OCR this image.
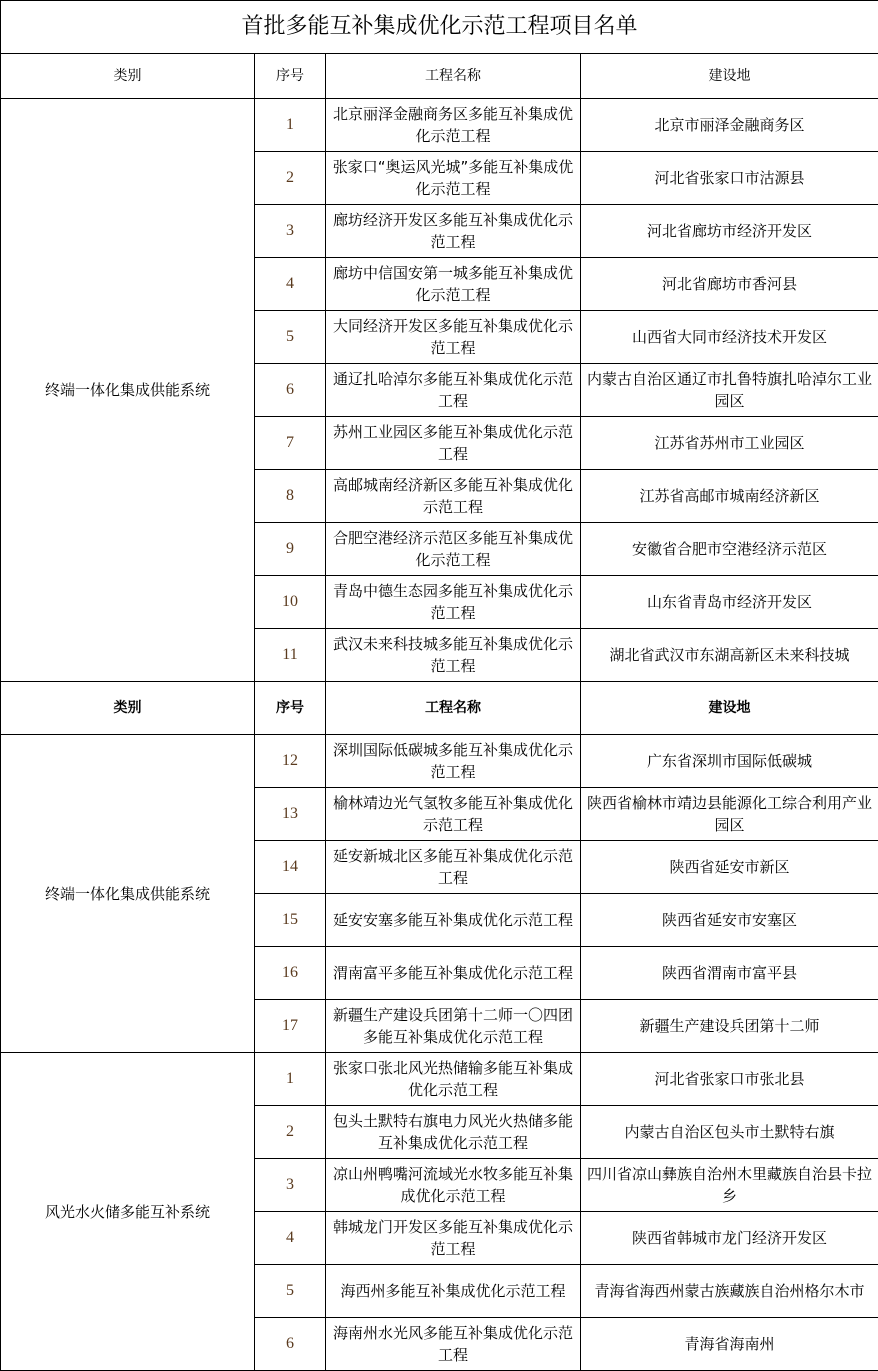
首批多能互补集成优化示范工程项目名单			
类别	序号	工程名称	建设地
终端一体化集成供能系统	1	北京丽泽金融商务区多能互补集成优化示范工程	北京市丽泽金融商务区
	2	张家口“奥运风光城”多能互补集成优化示范工程	河北省张家口市沽源县
	3	廊坊经济开发区多能互补集成优化示范工程	河北省廊坊市经济开发区
	4	廊坊中信国安第一城多能互补集成优化示范工程	河北省廊坊市香河县
	5	大同经济开发区多能互补集成优化示范工程	山西省大同市经济技术开发区
	6	通辽扎哈淖尔多能互补集成优化示范工程	内蒙古自治区通辽市扎鲁特旗扎哈淖尔工业园区
	7	苏州工业园区多能互补集成优化示范工程	江苏省苏州市工业园区
	8	高邮城南经济新区多能互补集成优化示范工程	江苏省高邮市城南经济新区
	9	合肥空港经济示范区多能互补集成优化示范工程	安徽省合肥市空港经济示范区
	10	青岛中德生态园多能互补集成优化示范工程	山东省青岛市经济开发区
	11	武汉未来科技城多能互补集成优化示范工程	湖北省武汉市东湖高新区未来科技城
类别	序号	工程名称	建设地
终端一体化集成供能系统	12	深圳国际低碳城多能互补集成优化示范工程	广东省深圳市国际低碳城
	13	榆林靖边光气氢牧多能互补集成优化示范工程	陕西省榆林市靖边县能源化工综合利用产业园区
	14	延安新城北区多能互补集成优化示范工程	陕西省延安市新区
	15	延安安塞多能互补集成优化示范工程	陕西省延安市安塞区
	16	渭南富平多能互补集成优化示范工程	陕西省渭南市富平县
	17	新疆生产建设兵团第十二师一〇四团多能互补集成优化示范工程	新疆生产建设兵团第十二师
风光水火储多能互补系统	1	张家口张北风光热储输多能互补集成优化示范工程	河北省张家口市张北县
	2	包头土默特右旗电力风光火热储多能互补集成优化示范工程	内蒙古自治区包头市土默特右旗
	3	凉山州鸭嘴河流域光水牧多能互补集成优化示范工程	四川省凉山彝族自治州木里藏族自治县卡拉乡
	4	韩城龙门开发区多能互补集成优化示范工程	陕西省韩城市龙门经济开发区
	5	海西州多能互补集成优化示范工程	青海省海西州蒙古族藏族自治州格尔木市
	6	海南州水光风多能互补集成优化示范工程	青海省海南州
